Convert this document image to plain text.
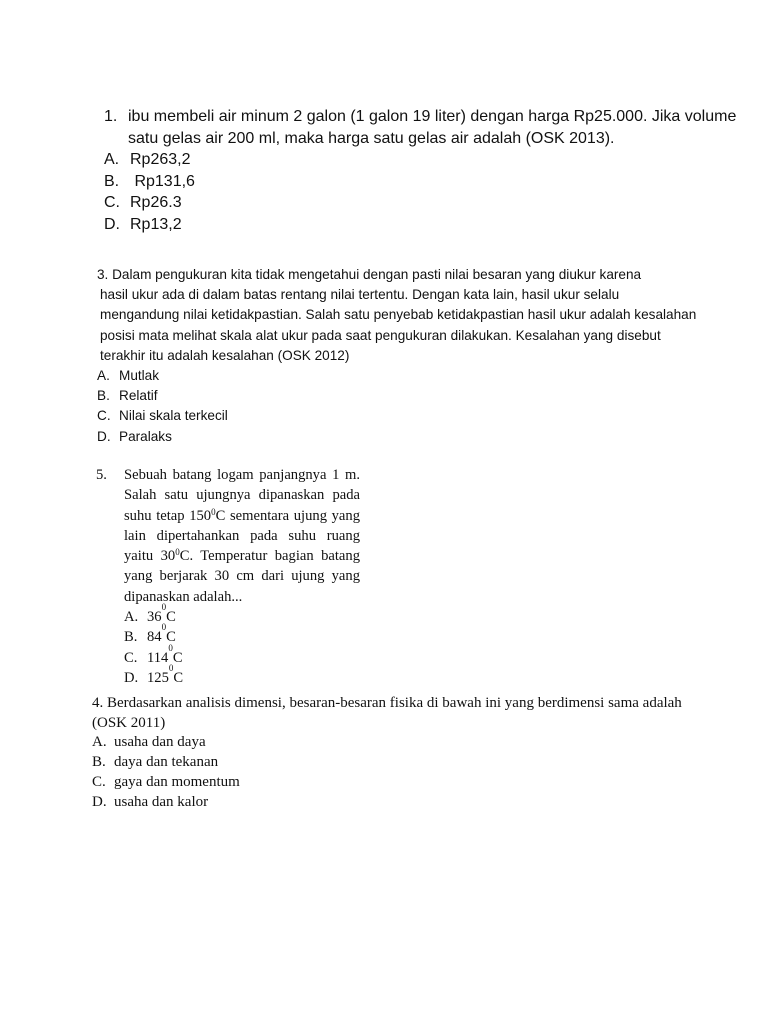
1. ibu membeli air minum 2 galon (1 galon 19 liter) dengan harga Rp25.000. Jika volume satu gelas air 200 ml, maka harga satu gelas air adalah (OSK 2013).
A. Rp263,2
B. Rp131,6
C. Rp26.3
D. Rp13,2
3. Dalam pengukuran kita tidak mengetahui dengan pasti nilai besaran yang diukur karena
hasil ukur ada di dalam batas rentang nilai tertentu. Dengan kata lain, hasil ukur selalu mengandung nilai ketidakpastian. Salah satu penyebab ketidakpastian hasil ukur adalah kesalahan posisi mata melihat skala alat ukur pada saat pengukuran dilakukan. Kesalahan yang disebut terakhir itu adalah kesalahan (OSK 2012)
A. Mutlak
B. Relatif
C. Nilai skala terkecil
D. Paralaks
5.	Sebuah batang logam panjangnya 1 m. Salah satu ujungnya dipanaskan pada suhu tetap $150^0C$ sementara ujung yang lain dipertahankan pada suhu ruang yaitu $30^0C$. Temperatur bagian batang yang berjarak 30 cm dari ujung yang dipanaskan adalah...
A. 36
0
C
B. 84
0
C
C. 114
0
C
D. 125
0
C
4. Berdasarkan analisis dimensi, besaran-besaran fisika di bawah ini yang berdimensi sama adalah (OSK 2011)
A. usaha dan daya
B. daya dan tekanan
C. gaya dan momentum
D. usaha dan kalor
